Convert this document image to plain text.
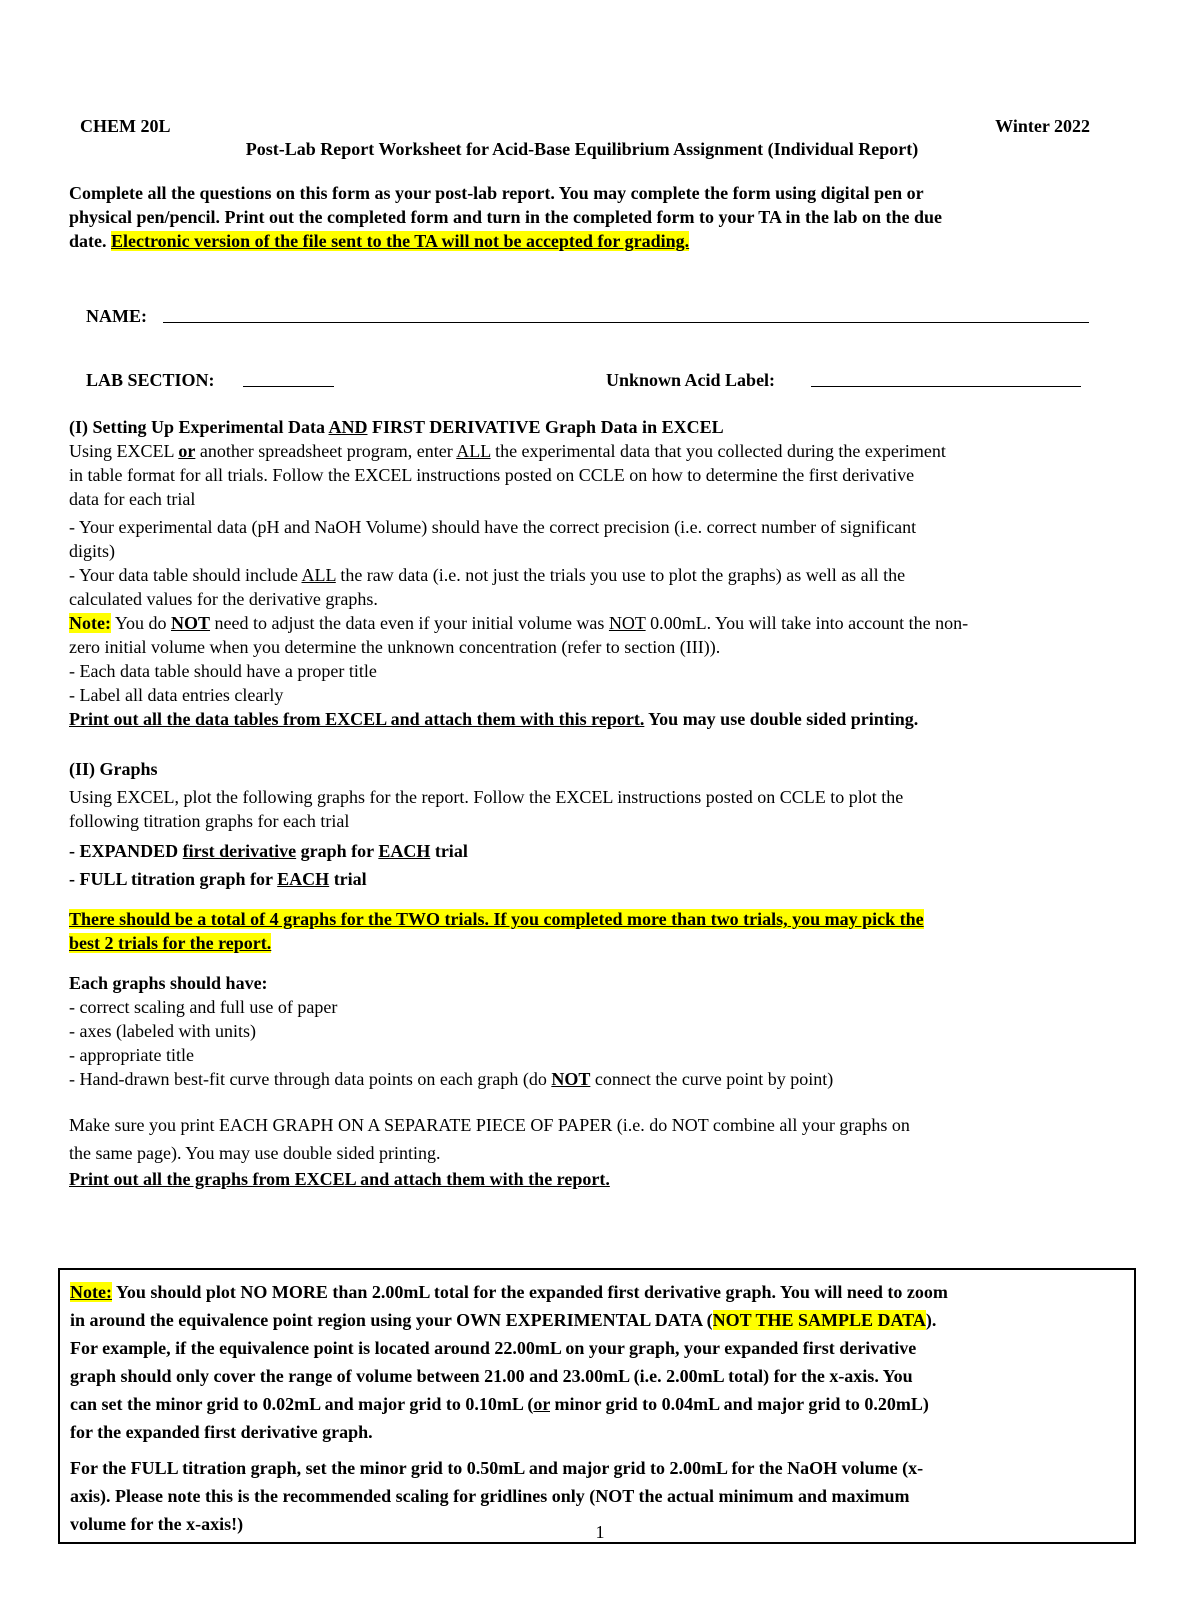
CHEM 20L	Winter 2022
Post-Lab Report Worksheet for Acid-Base Equilibrium Assignment (Individual Report)

Complete all the questions on this form as your post-lab report. You may complete the form using digital pen or

physical pen/pencil. Print out the completed form and turn in the completed form to your TA in the lab on the due

date. Electronic version of the file sent to the TA will not be accepted for grading.

NAME:
LAB SECTION:	Unknown Acid Label:

(I) Setting Up Experimental Data AND FIRST DERIVATIVE Graph Data in EXCEL

Using EXCEL or another spreadsheet program, enter ALL the experimental data that you collected during the experiment

in table format for all trials. Follow the EXCEL instructions posted on CCLE on how to determine the first derivative

data for each trial

- Your experimental data (pH and NaOH Volume) should have the correct precision (i.e. correct number of significant

digits)

- Your data table should include ALL the raw data (i.e. not just the trials you use to plot the graphs) as well as all the

calculated values for the derivative graphs.

Note: You do NOT need to adjust the data even if your initial volume was NOT 0.00mL. You will take into account the non-

zero initial volume when you determine the unknown concentration (refer to section (III)).

- Each data table should have a proper title

- Label all data entries clearly

Print out all the data tables from EXCEL and attach them with this report. You may use double sided printing.

(II) Graphs

Using EXCEL, plot the following graphs for the report. Follow the EXCEL instructions posted on CCLE to plot the

following titration graphs for each trial

- EXPANDED first derivative graph for EACH trial

- FULL titration graph for EACH trial

There should be a total of 4 graphs for the TWO trials. If you completed more than two trials, you may pick the

best 2 trials for the report.

Each graphs should have:

- correct scaling and full use of paper

- axes (labeled with units)

- appropriate title

- Hand-drawn best-fit curve through data points on each graph (do NOT connect the curve point by point)

Make sure you print EACH GRAPH ON A SEPARATE PIECE OF PAPER (i.e. do NOT combine all your graphs on

the same page). You may use double sided printing.

Print out all the graphs from EXCEL and attach them with the report.

Note: You should plot NO MORE than 2.00mL total for the expanded first derivative graph. You will need to zoom

in around the equivalence point region using your OWN EXPERIMENTAL DATA (NOT THE SAMPLE DATA).

For example, if the equivalence point is located around 22.00mL on your graph, your expanded first derivative

graph should only cover the range of volume between 21.00 and 23.00mL (i.e. 2.00mL total) for the x-axis. You

can set the minor grid to 0.02mL and major grid to 0.10mL (or minor grid to 0.04mL and major grid to 0.20mL)

for the expanded first derivative graph.

For the FULL titration graph, set the minor grid to 0.50mL and major grid to 2.00mL for the NaOH volume (x-

axis). Please note this is the recommended scaling for gridlines only (NOT the actual minimum and maximum

volume for the x-axis!)	1
